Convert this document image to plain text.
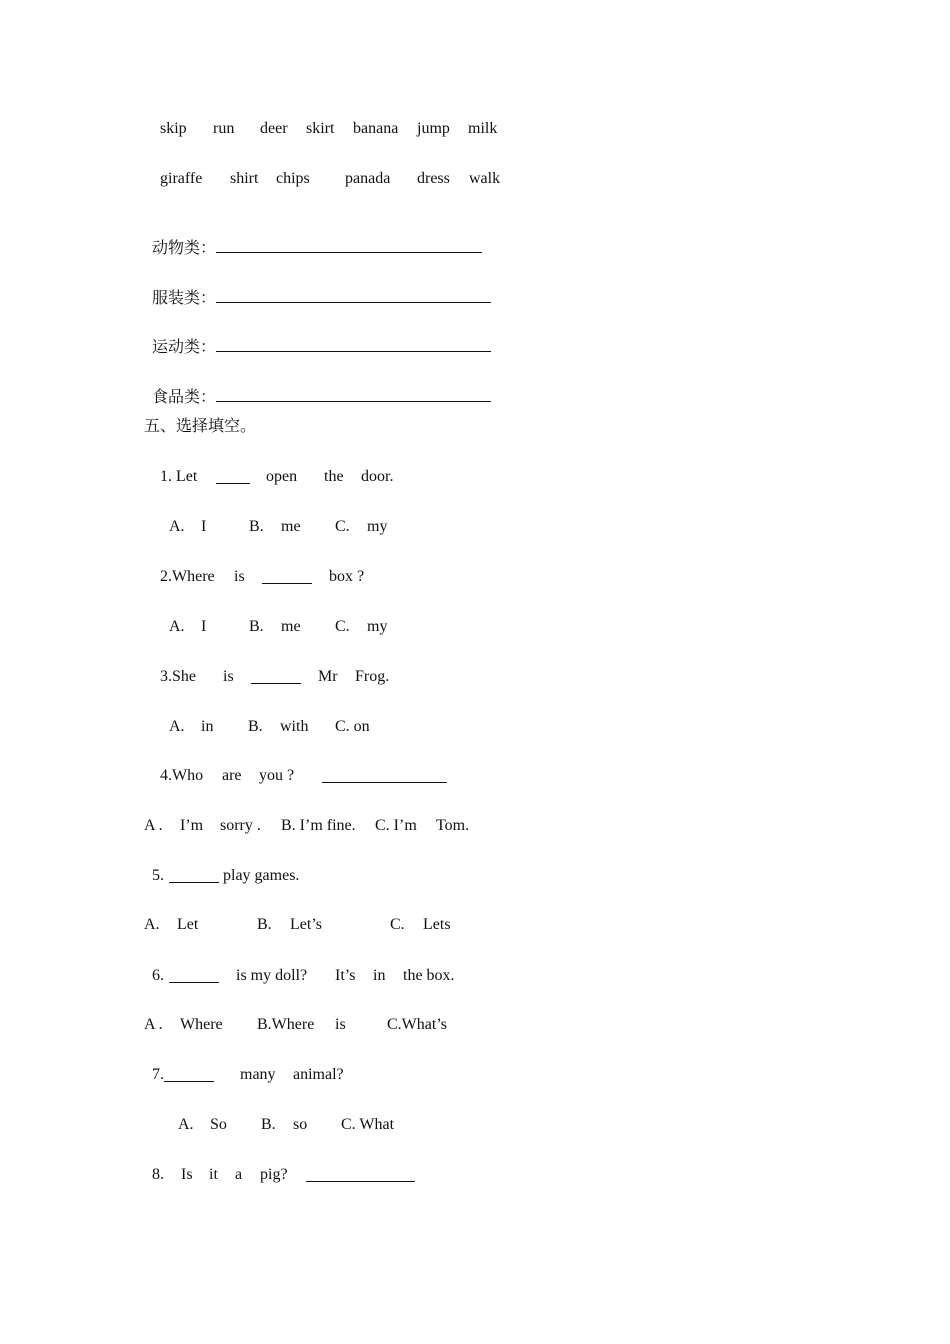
skip run deer skirt banana jump milk
giraffe shirt chips panada dress walk

动物类：

服装类：

运动类：

食品类：

五、选择填空。
1. Let	open the door.
A. I	B. me C. my
2.Where is	box ?
A. I	B. me C. my
3.She is	Mr Frog.
A. in B. with C. on
4.Who are you ?
A . I’m sorry . B. I’m fine. C. I’m Tom.
5.	play games.
A. Let	B. Let’s	C. Lets
6.	is my doll? It’s in the box.
A . Where B.Where is	C.What’s
7.	many animal?
A. So B. so C. What
8. Is it a pig?
